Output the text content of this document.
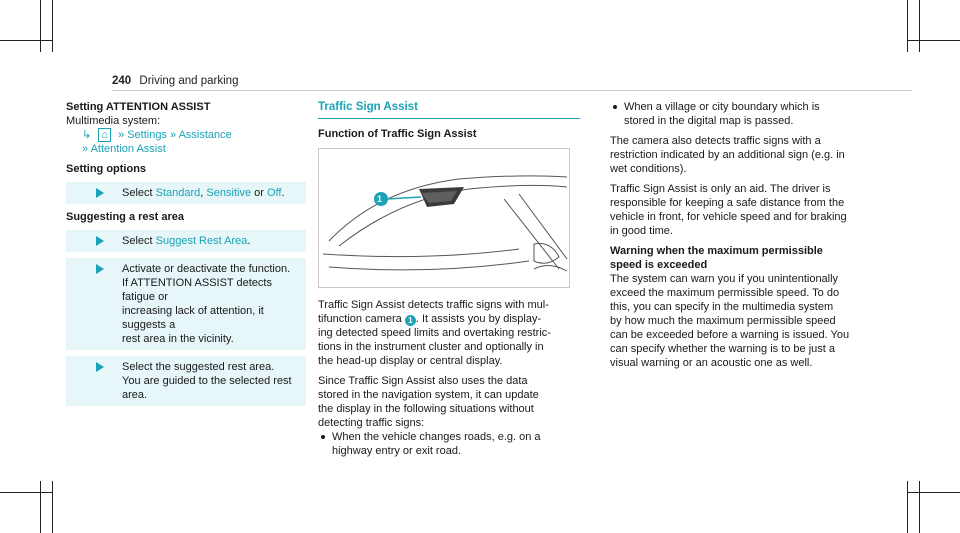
240 Driving and parking
Setting ATTENTION ASSIST

Multimedia system:

↳ ⌂ » Settings » Assistance
» Attention Assist
Setting options
Select Standard, Sensitive or Off.
Suggesting a rest area
Select Suggest Rest Area.
Activate or deactivate the function.
If ATTENTION ASSIST detects fatigue or
increasing lack of attention, it suggests a
rest area in the vicinity.
Select the suggested rest area.
You are guided to the selected rest area.
Traffic Sign Assist
Function of Traffic Sign Assist
1

Traffic Sign Assist detects traffic signs with mul-
tifunction camera 1 . It assists you by display-
ing detected speed limits and overtaking restric-
tions in the instrument cluster and optionally in
the head-up display or central display.

Since Traffic Sign Assist also uses the data
stored in the navigation system, it can update
the display in the following situations without
detecting traffic signs:

When the vehicle changes roads, e.g. on a
highway entry or exit road.
When a village or city boundary which is
stored in the digital map is passed.

The camera also detects traffic signs with a
restriction indicated by an additional sign (e.g. in
wet conditions).

Traffic Sign Assist is only an aid. The driver is
responsible for keeping a safe distance from the
vehicle in front, for vehicle speed and for braking
in good time.

Warning when the maximum permissible
speed is exceeded

The system can warn you if you unintentionally
exceed the maximum permissible speed. To do
this, you can specify in the multimedia system
by how much the maximum permissible speed
can be exceeded before a warning is issued. You
can specify whether the warning is to be just a
visual warning or an acoustic one as well.
